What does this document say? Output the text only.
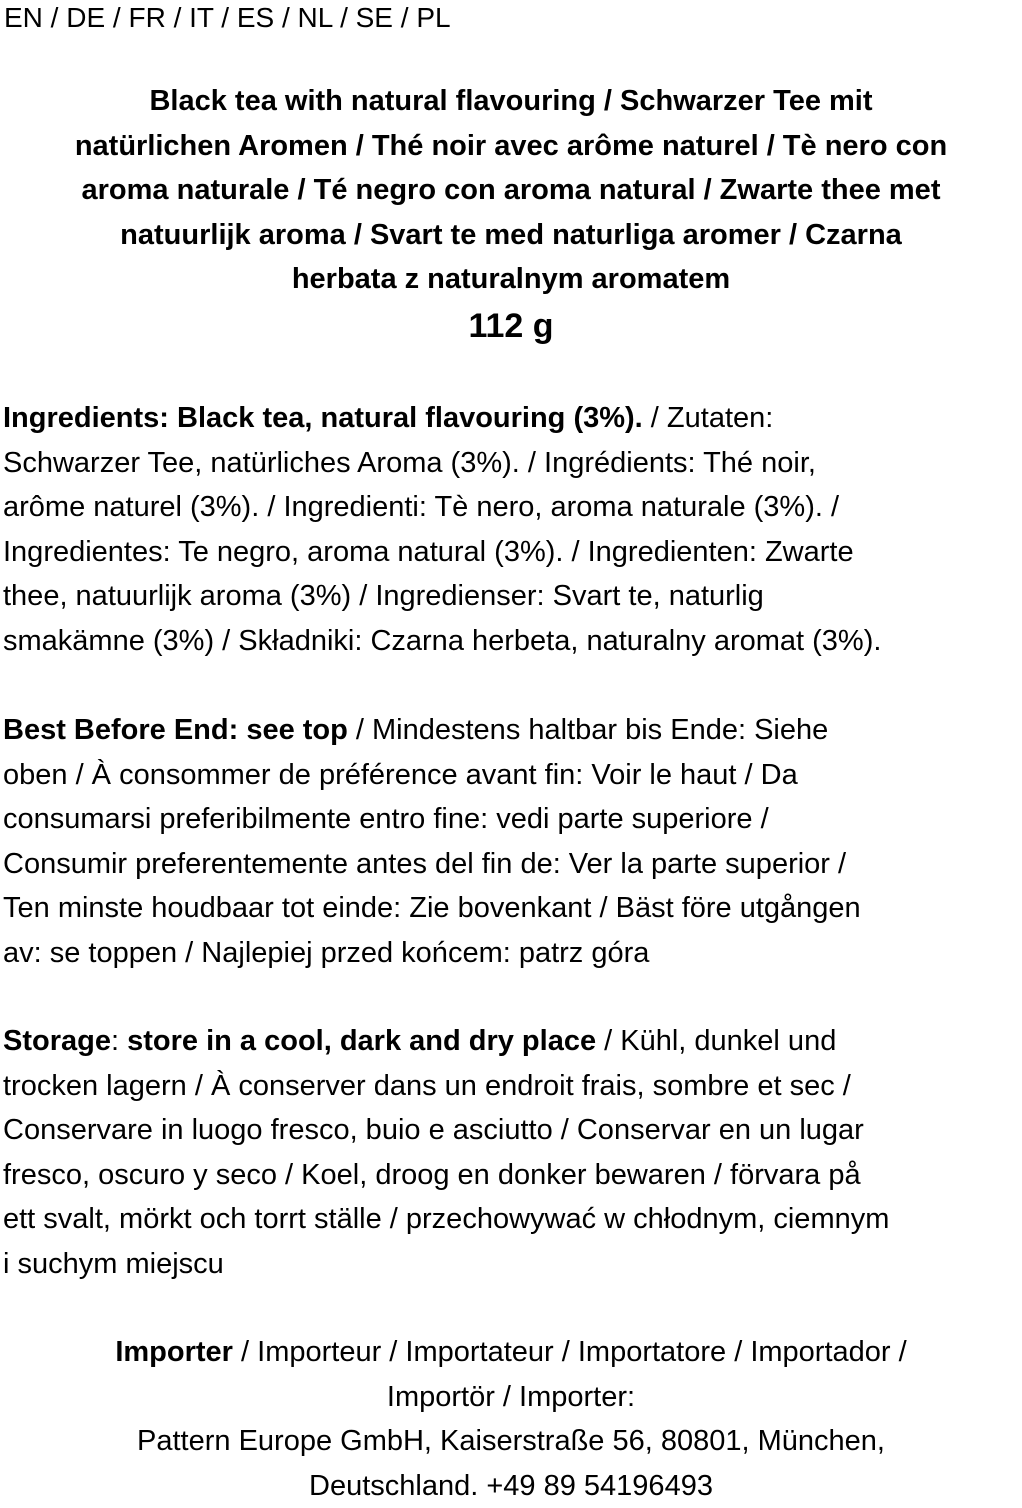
EN / DE / FR / IT / ES / NL / SE / PL
Black tea with natural flavouring / Schwarzer Tee mit
natürlichen Aromen / Thé noir avec arôme naturel / Tè nero con
aroma naturale / Té negro con aroma natural / Zwarte thee met
natuurlijk aroma / Svart te med naturliga aromer / Czarna
herbata z naturalnym aromatem
112 g
Ingredients: Black tea, natural flavouring (3%). / Zutaten:
Schwarzer Tee, natürliches Aroma (3%). / Ingrédients: Thé noir,
arôme naturel (3%). / Ingredienti: Tè nero, aroma naturale (3%). /
Ingredientes: Te negro, aroma natural (3%). / Ingredienten: Zwarte
thee, natuurlijk aroma (3%) / Ingredienser: Svart te, naturlig
smakämne (3%) / Składniki: Czarna herbeta, naturalny aromat (3%).
Best Before End: see top / Mindestens haltbar bis Ende: Siehe
oben / À consommer de préférence avant fin: Voir le haut / Da
consumarsi preferibilmente entro fine: vedi parte superiore /
Consumir preferentemente antes del fin de: Ver la parte superior /
Ten minste houdbaar tot einde: Zie bovenkant / Bäst före utgången
av: se toppen / Najlepiej przed końcem: patrz góra
Storage: store in a cool, dark and dry place / Kühl, dunkel und
trocken lagern / À conserver dans un endroit frais, sombre et sec /
Conservare in luogo fresco, buio e asciutto / Conservar en un lugar
fresco, oscuro y seco / Koel, droog en donker bewaren / förvara på
ett svalt, mörkt och torrt ställe / przechowywać w chłodnym, ciemnym
i suchym miejscu
Importer / Importeur / Importateur / Importatore / Importador /
Importör / Importer:
Pattern Europe GmbH, Kaiserstraße 56, 80801, München,
Deutschland. +49 89 54196493
